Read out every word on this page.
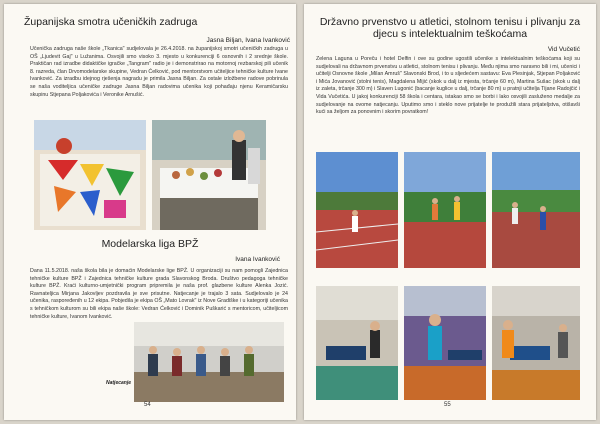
Županijska smotra učeničkih zadruga
Jasna Biljan, Ivana Ivanković
Učenička zadruga naše škole „Tkanica" sudjelovala je 26.4.2018. na županijskoj smotri učeničkih zadruga u OŠ „Ljudevit Gaj" u Lužanima. Osvojili smo visoko 3. mjesto u konkurenciji 6 osnovnih i 2 srednje škole. Praktičan rad izradbe didaktičke igračke „Tangram" radio je i demonstrirao na motornoj rezbarskoj pili učenik 8. razreda, član Drvomodelarske skupine, Vedran Ćelković, pod mentorstvom učiteljice tehničke kulture Ivane Ivanković. Za izradbu idejnog rješenja nagradu je primila Jasna Biljan. Za ostale izložbene radove pobrinula se naša voditeljica učeničke zadruge Jasna Biljan radovima učenika koji pohađaju njenu Keramičarsku skupinu Stjepana Poljakovića i Veronike Arnušić.
Modelarska liga BPŽ
Ivana Ivanković
Dana 11.5.2018. naša škola bila je domaćin Modelarske lige BPŽ. U organizaciji su nam pomogli Zajednica tehničke kulture BPŽ i Zajednica tehničke kulture grada Slavonskog Broda. Društvo pedagoga tehničke kulture BPŽ. Kraći kulturno-umjetnički program pripremila je naša prof. glazbene kulture Alenka Jozić. Ravnateljica Mirjana Jakovljev pozdravila je sve prisutne. Natjecanje je trajalo 3 sata. Sudjelovalo je 24 učenika, raspoređenih u 12 ekipa. Pobjedila je ekipa OŠ „Mato Lovrak" iz Nove Gradiške i u kategoriji učenika s tehničkom kulturom su bili ekipa naše škole: Vedran Ćelković i Dominik Puškarić s mentoricom, učiteljicom tehničke kulture, Ivanom Ivanković.
Natjecanje
54
Državno prvenstvo u atletici, stolnom tenisu i plivanju za djecu s intelektualnim teškoćama
Vid Vučetić
Zelena Laguna u Poreču i hotel Delfin i ove su godine ugostili učenike s intelektualnim teškoćama koji su sudjelovali na državnom prvenstvu u atletici, stolnom tenisu i plivanju. Među njima smo naravno bili i mi, učenici i učitelji Osnovne škole „Milan Amruš" Slavonski Brod, i to u sljedećem sastavu: Eva Plesinjak, Stjepan Poljaković i Mića Jovanović (stolni tenis), Magdalena Mijić (skok u dalj iz mjesta, trčanje 60 m), Martina Sušac (skok u dalj iz zaleta, trčanje 300 m) i Slaven Lugonić (bacanje kuglice u dalj, trčanje 80 m) u pratnji učitelja Tijane Radojčić i Vida Vučetića. U jakoj konkurenciji 58 škola i centara, istakao smo se borbi i lako osvojili zasluženo medalje za sudjelovanje na ovome natjecanju. Uputimo smo i steklo nove prijatelje te produžili stara prijateljstva, otišavši kući sa željom za ponovnim i skorim povratkom!
55
